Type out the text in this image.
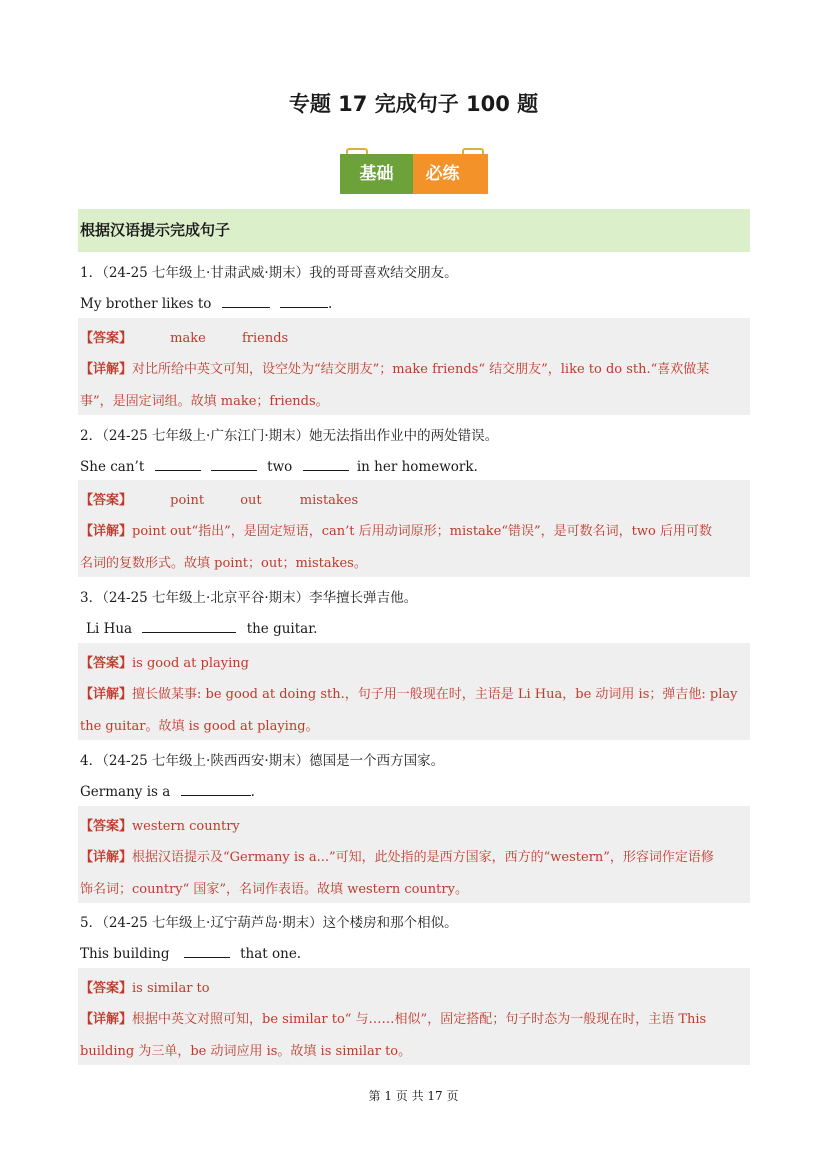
专题 17 完成句子 100 题
基础	必练
根据汉语提示完成句子
1．（24-25 七年级上·甘肃武威·期末）我的哥哥喜欢结交朋友。
My brother likes to	.
【答案】	make	friends
【详解】对比所给中英文可知，设空处为“结交朋友”；make friends“ 结交朋友”，like to do sth.“喜欢做某
事”，是固定词组。故填 make；friends。
2．（24-25 七年级上·广东江门·期末）她无法指出作业中的两处错误。
She can’t	two	in her homework.
【答案】	point	out	mistakes
【详解】point out“指出”，是固定短语，can’t 后用动词原形；mistake“错误”，是可数名词，two 后用可数
名词的复数形式。故填 point；out；mistakes。
3．（24-25 七年级上·北京平谷·期末）李华擅长弹吉他。
Li Hua	the guitar.
【答案】is good at playing
【详解】擅长做某事: be good at doing sth.，句子用一般现在时，主语是 Li Hua，be 动词用 is；弹吉他: play
the guitar。故填 is good at playing。
4．（24-25 七年级上·陕西西安·期末）德国是一个西方国家。
Germany is a	.
【答案】western country
【详解】根据汉语提示及“Germany is a...”可知，此处指的是西方国家，西方的“western”，形容词作定语修
饰名词；country“ 国家”，名词作表语。故填 western country。
5．（24-25 七年级上·辽宁葫芦岛·期末）这个楼房和那个相似。
This building	that one.
【答案】is similar to
【详解】根据中英文对照可知，be similar to“ 与……相似”，固定搭配；句子时态为一般现在时，主语 This
building 为三单，be 动词应用 is。故填 is similar to。
第 1 页 共 17 页
